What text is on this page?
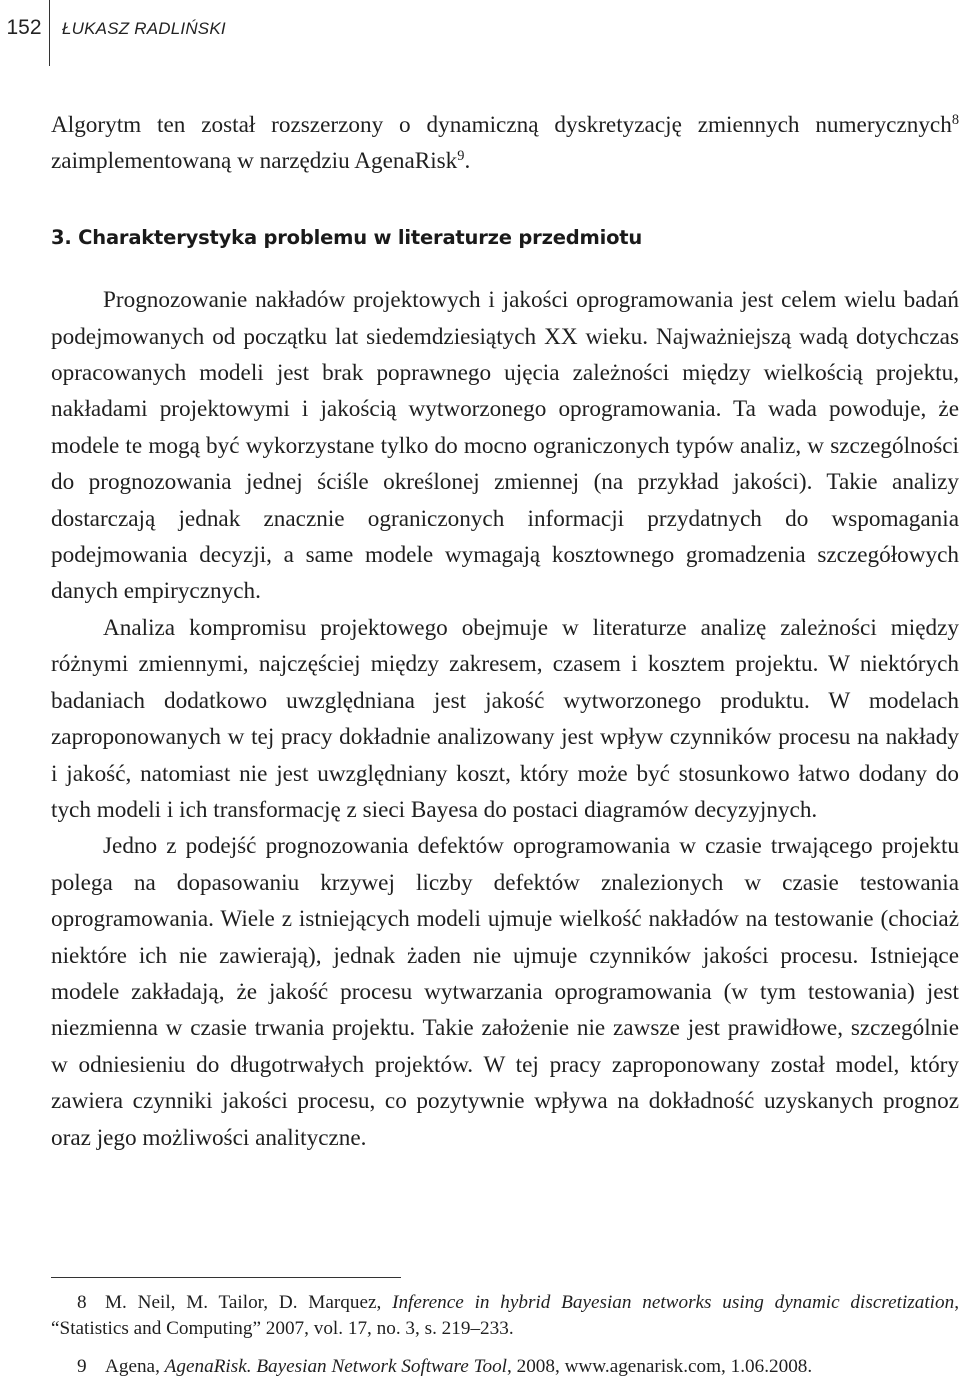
152	ŁUKASZ RADLIŃSKI

Algorytm ten został rozszerzony o dynamiczną dyskretyzację zmiennych numerycznych$^8$ zaimplementowaną w narzędziu AgenaRisk$^9$.

3. Charakterystyka problemu w literaturze przedmiotu

Prognozowanie nakładów projektowych i jakości oprogramowania jest celem wielu badań podejmowanych od początku lat siedemdziesiątych XX wieku. Najważniejszą wadą dotychczas opracowanych modeli jest brak poprawnego ujęcia zależności między wielkością projektu, nakładami projektowymi i jakością wytworzonego oprogramowania. Ta wada powoduje, że modele te mogą być wykorzystane tylko do mocno ograniczonych typów analiz, w szczególności do prognozowania jednej ściśle określonej zmiennej (na przykład jakości). Takie analizy dostarczają jednak znacznie ograniczonych informacji przydatnych do wspomagania podejmowania decyzji, a same modele wymagają kosztownego gromadzenia szczegółowych danych empirycznych.

Analiza kompromisu projektowego obejmuje w literaturze analizę zależności między różnymi zmiennymi, najczęściej między zakresem, czasem i kosztem projektu. W niektórych badaniach dodatkowo uwzględniana jest jakość wytworzonego produktu. W modelach zaproponowanych w tej pracy dokładnie analizowany jest wpływ czynników procesu na nakłady i jakość, natomiast nie jest uwzględniany koszt, który może być stosunkowo łatwo dodany do tych modeli i ich transformację z sieci Bayesa do postaci diagramów decyzyjnych.

Jedno z podejść prognozowania defektów oprogramowania w czasie trwającego projektu polega na dopasowaniu krzywej liczby defektów znalezionych w czasie testowania oprogramowania. Wiele z istniejących modeli ujmuje wielkość nakładów na testowanie (chociaż niektóre ich nie zawierają), jednak żaden nie ujmuje czynników jakości procesu. Istniejące modele zakładają, że jakość procesu wytwarzania oprogramowania (w tym testowania) jest niezmienna w czasie trwania projektu. Takie założenie nie zawsze jest prawidłowe, szczególnie w odniesieniu do długotrwałych projektów. W tej pracy zaproponowany został model, który zawiera czynniki jakości procesu, co pozytywnie wpływa na dokładność uzyskanych prognoz oraz jego możliwości analityczne.

8 M. Neil, M. Tailor, D. Marquez, Inference in hybrid Bayesian networks using dynamic discretization, “Statistics and Computing” 2007, vol. 17, no. 3, s. 219–233.

9 Agena, AgenaRisk. Bayesian Network Software Tool, 2008, www.agenarisk.com, 1.06.2008.
